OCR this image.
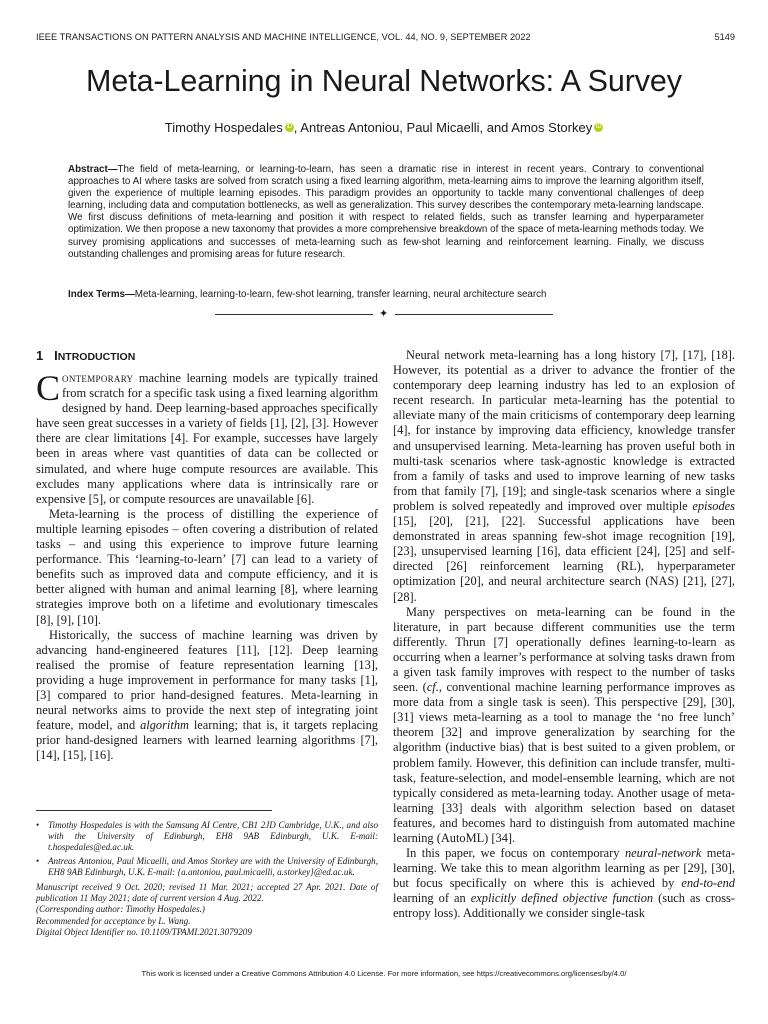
IEEE TRANSACTIONS ON PATTERN ANALYSIS AND MACHINE INTELLIGENCE, VOL. 44, NO. 9, SEPTEMBER 2022	5149
Meta-Learning in Neural Networks: A Survey
Timothy Hospedales iD , Antreas Antoniou, Paul Micaelli, and Amos Storkey iD
Abstract—The field of meta-learning, or learning-to-learn, has seen a dramatic rise in interest in recent years. Contrary to conventional approaches to AI where tasks are solved from scratch using a fixed learning algorithm, meta-learning aims to improve the learning algorithm itself, given the experience of multiple learning episodes. This paradigm provides an opportunity to tackle many conventional challenges of deep learning, including data and computation bottlenecks, as well as generalization. This survey describes the contemporary meta-learning landscape. We first discuss definitions of meta-learning and position it with respect to related fields, such as transfer learning and hyperparameter optimization. We then propose a new taxonomy that provides a more comprehensive breakdown of the space of meta-learning methods today. We survey promising applications and successes of meta-learning such as few-shot learning and reinforcement learning. Finally, we discuss outstanding challenges and promising areas for future research.
Index Terms—Meta-learning, learning-to-learn, few-shot learning, transfer learning, neural architecture search
✦
1 INTRODUCTION

Contemporary machine learning models are typically trained from scratch for a specific task using a fixed learning algorithm designed by hand. Deep learning-based approaches specifically have seen great successes in a variety of fields [1], [2], [3]. However there are clear limitations [4]. For example, successes have largely been in areas where vast quantities of data can be collected or simulated, and where huge compute resources are available. This excludes many applications where data is intrinsically rare or expensive [5], or compute resources are unavailable [6].

Meta-learning is the process of distilling the experience of multiple learning episodes – often covering a distribution of related tasks – and using this experience to improve future learning performance. This ‘learning-to-learn’ [7] can lead to a variety of benefits such as improved data and compute efficiency, and it is better aligned with human and animal learning [8], where learning strategies improve both on a lifetime and evolutionary timescales [8], [9], [10].

Historically, the success of machine learning was driven by advancing hand-engineered features [11], [12]. Deep learning realised the promise of feature representation learning [13], providing a huge improvement in performance for many tasks [1], [3] compared to prior hand-designed features. Meta-learning in neural networks aims to provide the next step of integrating joint feature, model, and algorithm learning; that is, it targets replacing prior hand-designed learners with learned learning algorithms [7], [14], [15], [16].

• Timothy Hospedales is with the Samsung AI Centre, CB1 2JD Cambridge, U.K., and also with the University of Edinburgh, EH8 9AB Edinburgh, U.K. E-mail: t.hospedales@ed.ac.uk.
• Antreas Antoniou, Paul Micaelli, and Amos Storkey are with the University of Edinburgh, EH8 9AB Edinburgh, U.K. E-mail: {a.antoniou, paul.micaelli, a.storkey}@ed.ac.uk.
Manuscript received 9 Oct. 2020; revised 11 Mar. 2021; accepted 27 Apr. 2021. Date of publication 11 May 2021; date of current version 4 Aug. 2022.
(Corresponding author: Timothy Hospedales.)
Recommended for acceptance by L. Wang.
Digital Object Identifier no. 10.1109/TPAMI.2021.3079209

Neural network meta-learning has a long history [7], [17], [18]. However, its potential as a driver to advance the frontier of the contemporary deep learning industry has led to an explosion of recent research. In particular meta-learning has the potential to alleviate many of the main criticisms of contemporary deep learning [4], for instance by improving data efficiency, knowledge transfer and unsupervised learning. Meta-learning has proven useful both in multi-task scenarios where task-agnostic knowledge is extracted from a family of tasks and used to improve learning of new tasks from that family [7], [19]; and single-task scenarios where a single problem is solved repeatedly and improved over multiple episodes [15], [20], [21], [22]. Successful applications have been demonstrated in areas spanning few-shot image recognition [19], [23], unsupervised learning [16], data efficient [24], [25] and self-directed [26] reinforcement learning (RL), hyperparameter optimization [20], and neural architecture search (NAS) [21], [27], [28].

Many perspectives on meta-learning can be found in the literature, in part because different communities use the term differently. Thrun [7] operationally defines learning-to-learn as occurring when a learner’s performance at solving tasks drawn from a given task family improves with respect to the number of tasks seen. (cf., conventional machine learning performance improves as more data from a single task is seen). This perspective [29], [30], [31] views meta-learning as a tool to manage the ‘no free lunch’ theorem [32] and improve generalization by searching for the algorithm (inductive bias) that is best suited to a given problem, or problem family. However, this definition can include transfer, multi-task, feature-selection, and model-ensemble learning, which are not typically considered as meta-learning today. Another usage of meta-learning [33] deals with algorithm selection based on dataset features, and becomes hard to distinguish from automated machine learning (AutoML) [34].

In this paper, we focus on contemporary neural-network meta-learning. We take this to mean algorithm learning as per [29], [30], but focus specifically on where this is achieved by end-to-end learning of an explicitly defined objective function (such as cross-entropy loss). Additionally we consider single-task

This work is licensed under a Creative Commons Attribution 4.0 License. For more information, see https://creativecommons.org/licenses/by/4.0/
